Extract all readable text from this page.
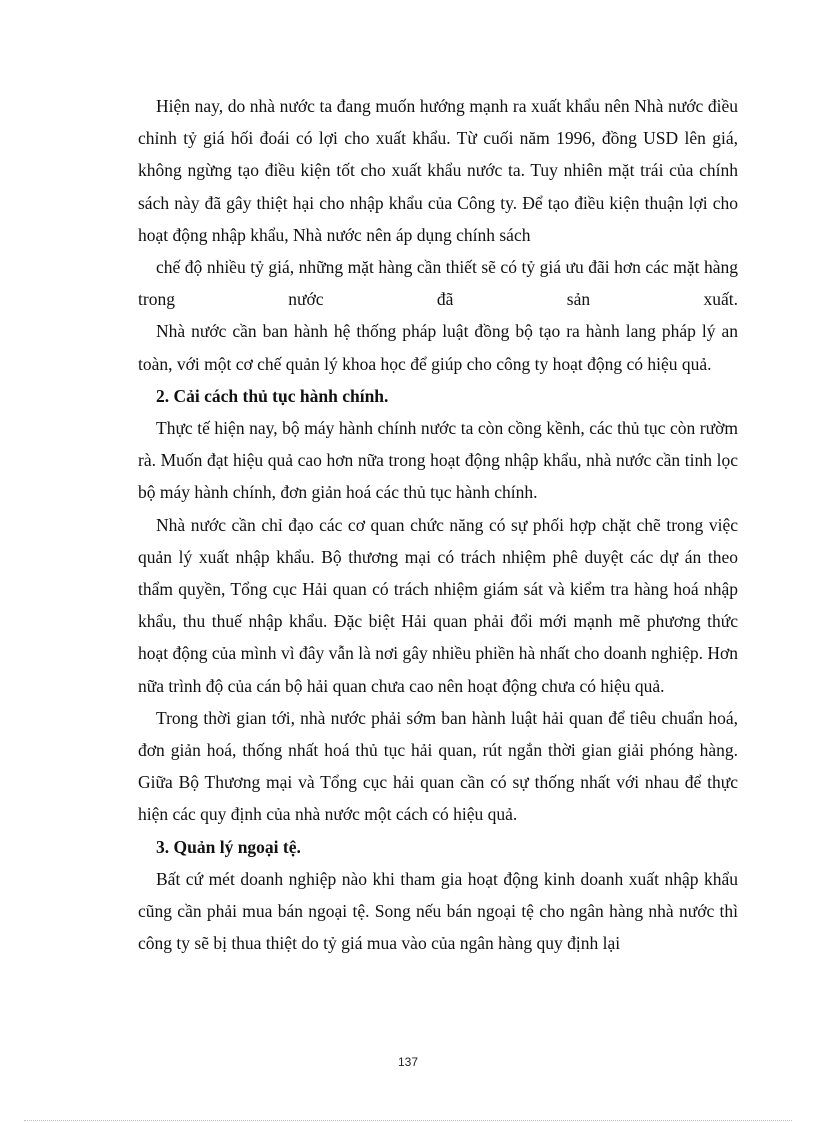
Hiện nay, do nhà nước ta đang muốn hướng mạnh ra xuất khẩu nên Nhà nước điều chỉnh tỷ giá hối đoái có lợi cho xuất khẩu. Từ cuối năm 1996, đồng USD lên giá, không ngừng tạo điều kiện tốt cho xuất khẩu nước ta. Tuy nhiên mặt trái của chính sách này đã gây thiệt hại cho nhập khẩu của Công ty. Để tạo điều kiện thuận lợi cho hoạt động nhập khẩu, Nhà nước nên áp dụng chính sách

chế độ nhiều tỷ giá, những mặt hàng cần thiết sẽ có tỷ giá ưu đãi hơn các mặt hàng trong nước đã sản xuất.

Nhà nước cần ban hành hệ thống pháp luật đồng bộ tạo ra hành lang pháp lý an toàn, với một cơ chế quản lý khoa học để giúp cho công ty hoạt động có hiệu quả.

2. Cải cách thủ tục hành chính.

Thực tế hiện nay, bộ máy hành chính nước ta còn cồng kềnh, các thủ tục còn rườm rà. Muốn đạt hiệu quả cao hơn nữa trong hoạt động nhập khẩu, nhà nước cần tinh lọc bộ máy hành chính, đơn giản hoá các thủ tục hành chính.

Nhà nước cần chỉ đạo các cơ quan chức năng có sự phối hợp chặt chẽ trong việc quản lý xuất nhập khẩu. Bộ thương mại có trách nhiệm phê duyệt các dự án theo thẩm quyền, Tổng cục Hải quan có trách nhiệm giám sát và kiểm tra hàng hoá nhập khẩu, thu thuế nhập khẩu. Đặc biệt Hải quan phải đổi mới mạnh mẽ phương thức hoạt động của mình vì đây vẫn là nơi gây nhiều phiền hà nhất cho doanh nghiệp. Hơn nữa trình độ của cán bộ hải quan chưa cao nên hoạt động chưa có hiệu quả.

Trong thời gian tới, nhà nước phải sớm ban hành luật hải quan để tiêu chuẩn hoá, đơn giản hoá, thống nhất hoá thủ tục hải quan, rút ngắn thời gian giải phóng hàng. Giữa Bộ Thương mại và Tổng cục hải quan cần có sự thống nhất với nhau để thực hiện các quy định của nhà nước một cách có hiệu quả.

3. Quản lý ngoại tệ.

Bất cứ mét doanh nghiệp nào khi tham gia hoạt động kinh doanh xuất nhập khẩu cũng cần phải mua bán ngoại tệ. Song nếu bán ngoại tệ cho ngân hàng nhà nước thì công ty sẽ bị thua thiệt do tỷ giá mua vào của ngân hàng quy định lại

137
